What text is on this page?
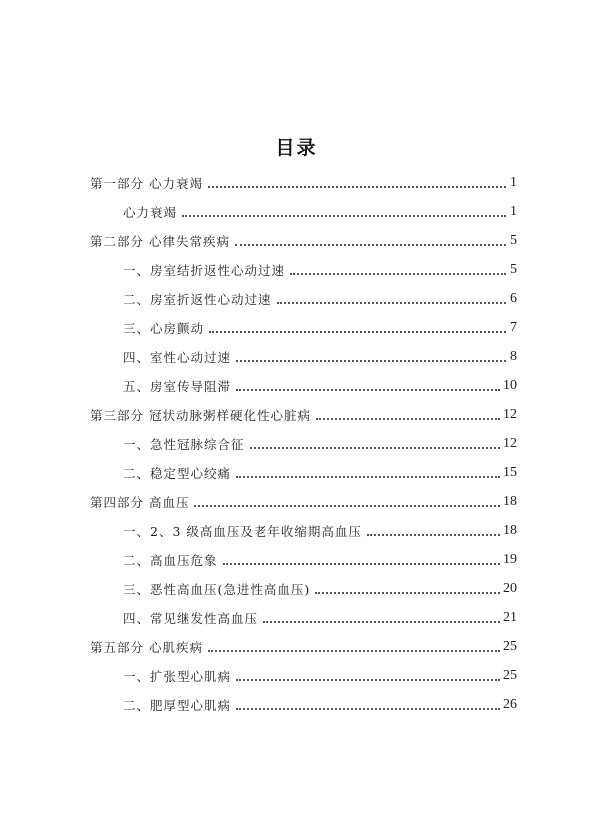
目录
第一部分 心力衰竭	1
心力衰竭	1
第二部分 心律失常疾病	5
一、房室结折返性心动过速	5
二、房室折返性心动过速	6
三、心房颤动	7
四、室性心动过速	8
五、房室传导阻滞	10
第三部分 冠状动脉粥样硬化性心脏病	12
一、急性冠脉综合征	12
二、稳定型心绞痛	15
第四部分 高血压	18
一、2、3 级高血压及老年收缩期高血压	18
二、高血压危象	19
三、恶性高血压(急进性高血压)	20
四、常见继发性高血压	21
第五部分 心肌疾病	25
一、扩张型心肌病	25
二、肥厚型心肌病	26
